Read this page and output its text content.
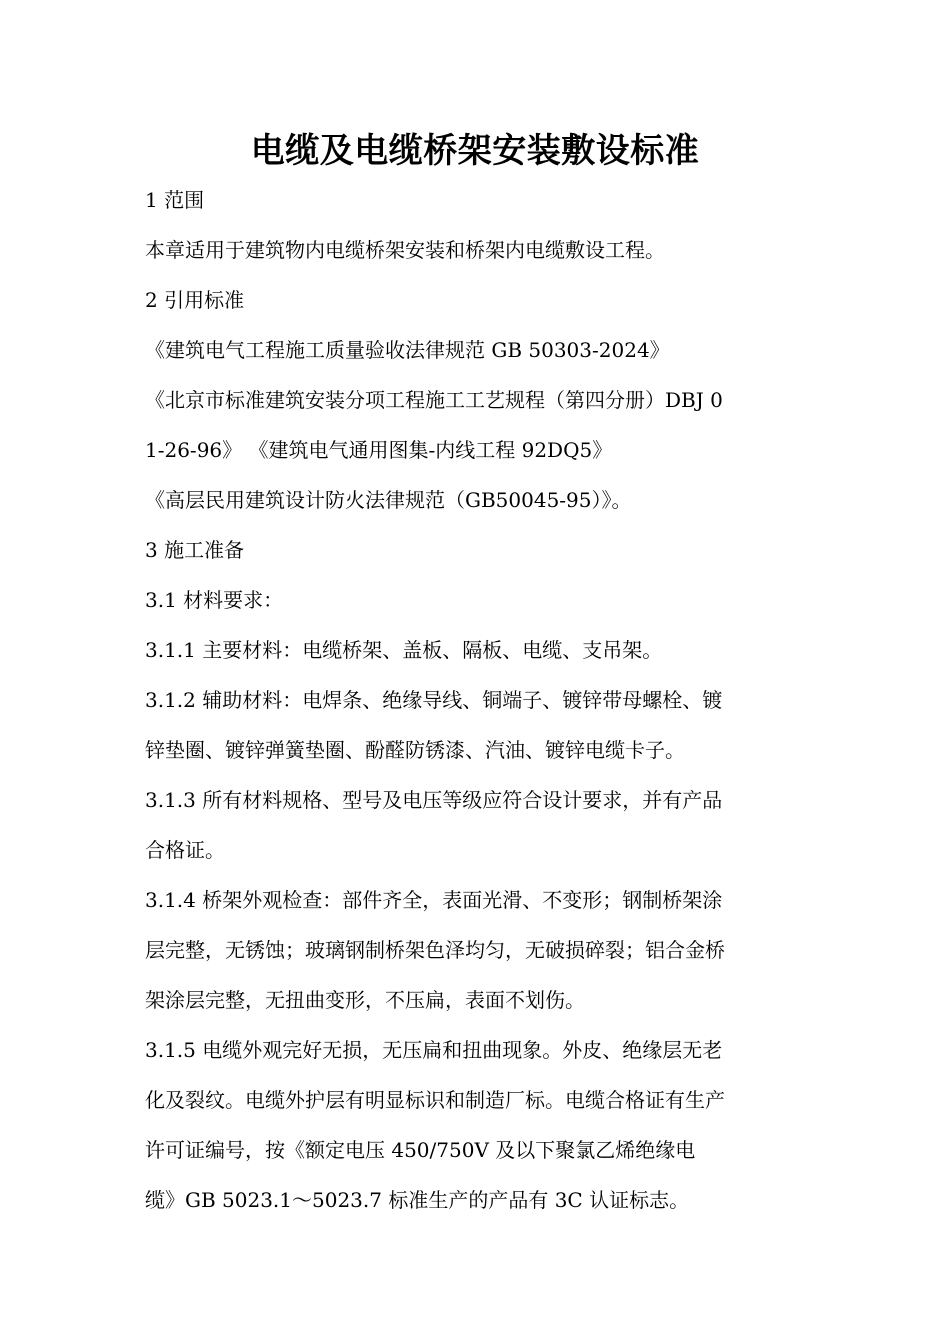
电缆及电缆桥架安装敷设标准
1 范围
本章适用于建筑物内电缆桥架安装和桥架内电缆敷设工程。
2 引用标准
《建筑电气工程施工质量验收法律规范 GB 50303-2024》
《北京市标准建筑安装分项工程施工工艺规程（第四分册）DBJ 0
1-26-96》 《建筑电气通用图集-内线工程 92DQ5》
《高层民用建筑设计防火法律规范（GB50045-95）》。
3 施工准备
3.1 材料要求：
3.1.1 主要材料：电缆桥架、盖板、隔板、电缆、支吊架。
3.1.2 辅助材料：电焊条、绝缘导线、铜端子、镀锌带母螺栓、镀
锌垫圈、镀锌弹簧垫圈、酚醛防锈漆、汽油、镀锌电缆卡子。
3.1.3 所有材料规格、型号及电压等级应符合设计要求，并有产品
合格证。
3.1.4 桥架外观检查：部件齐全，表面光滑、不变形；钢制桥架涂
层完整，无锈蚀；玻璃钢制桥架色泽均匀，无破损碎裂；铝合金桥
架涂层完整，无扭曲变形，不压扁，表面不划伤。
3.1.5 电缆外观完好无损，无压扁和扭曲现象。外皮、绝缘层无老
化及裂纹。电缆外护层有明显标识和制造厂标。电缆合格证有生产
许可证编号，按《额定电压 450/750V 及以下聚氯乙烯绝缘电
缆》GB 5023.1～5023.7 标准生产的产品有 3C 认证标志。
